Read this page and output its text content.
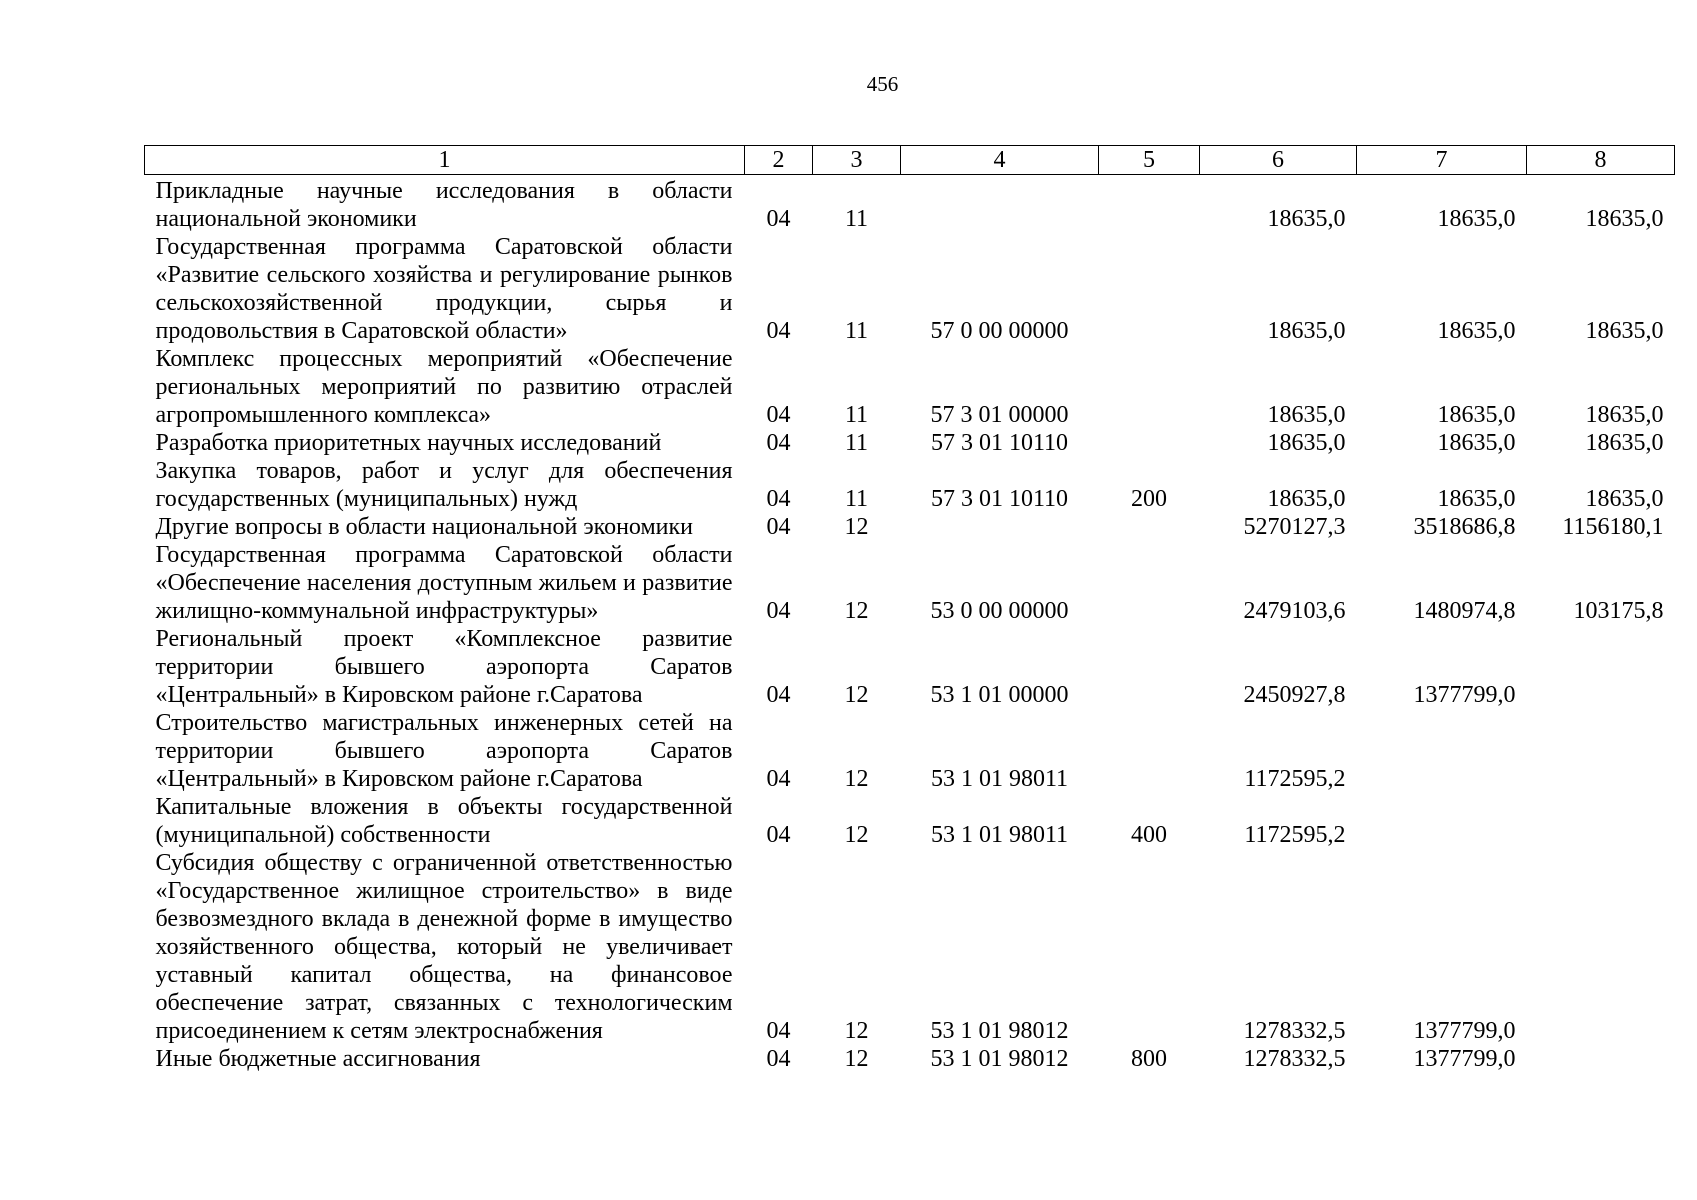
456
1	2	3	4	5	6	7	8
Прикладные научные исследования в области национальной экономики	04	11			18635,0	18635,0	18635,0
Государственная программа Саратовской области «Развитие сельского хозяйства и регулирование рынков сельскохозяйственной продукции, сырья и продовольствия в Саратовской области»	04	11	57 0 00 00000		18635,0	18635,0	18635,0
Комплекс процессных мероприятий «Обеспечение региональных мероприятий по развитию отраслей агропромышленного комплекса»	04	11	57 3 01 00000		18635,0	18635,0	18635,0
Разработка приоритетных научных исследований	04	11	57 3 01 10110		18635,0	18635,0	18635,0
Закупка товаров, работ и услуг для обеспечения государственных (муниципальных) нужд	04	11	57 3 01 10110	200	18635,0	18635,0	18635,0
Другие вопросы в области национальной экономики	04	12			5270127,3	3518686,8	1156180,1
Государственная программа Саратовской области «Обеспечение населения доступным жильем и развитие жилищно-коммунальной инфраструктуры»	04	12	53 0 00 00000		2479103,6	1480974,8	103175,8
Региональный проект «Комплексное развитие территории бывшего аэропорта Саратов «Центральный» в Кировском районе г.Саратова	04	12	53 1 01 00000		2450927,8	1377799,0	
Строительство магистральных инженерных сетей на территории бывшего аэропорта Саратов «Центральный» в Кировском районе г.Саратова	04	12	53 1 01 98011		1172595,2		
Капитальные вложения в объекты государственной (муниципальной) собственности	04	12	53 1 01 98011	400	1172595,2		
Субсидия обществу с ограниченной ответственностью «Государственное жилищное строительство» в виде безвозмездного вклада в денежной форме в имущество хозяйственного общества, который не увеличивает уставный капитал общества, на финансовое обеспечение затрат, связанных с технологическим присоединением к сетям электроснабжения	04	12	53 1 01 98012		1278332,5	1377799,0	
Иные бюджетные ассигнования	04	12	53 1 01 98012	800	1278332,5	1377799,0	
